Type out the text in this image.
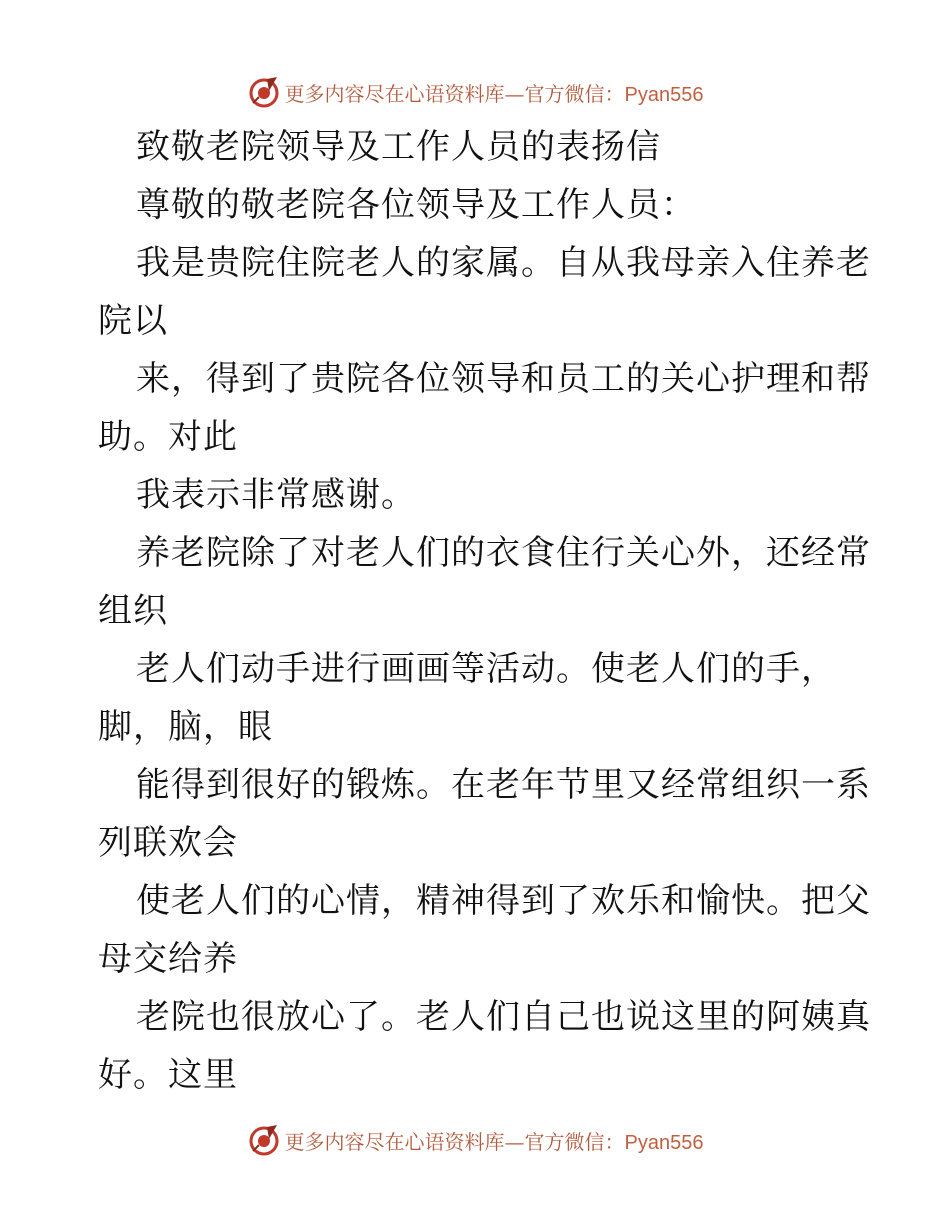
更多内容尽在心语资料库—官方微信：Pyan556
致敬老院领导及工作人员的表扬信
尊敬的敬老院各位领导及工作人员：
我是贵院住院老人的家属。自从我母亲入住养老
院以
来，得到了贵院各位领导和员工的关心护理和帮
助。对此
我表示非常感谢。
养老院除了对老人们的衣食住行关心外，还经常
组织
老人们动手进行画画等活动。使老人们的手，
脚，脑，眼
能得到很好的锻炼。在老年节里又经常组织一系
列联欢会
使老人们的心情，精神得到了欢乐和愉快。把父
母交给养
老院也很放心了。老人们自己也说这里的阿姨真
好。这里
更多内容尽在心语资料库—官方微信：Pyan556
